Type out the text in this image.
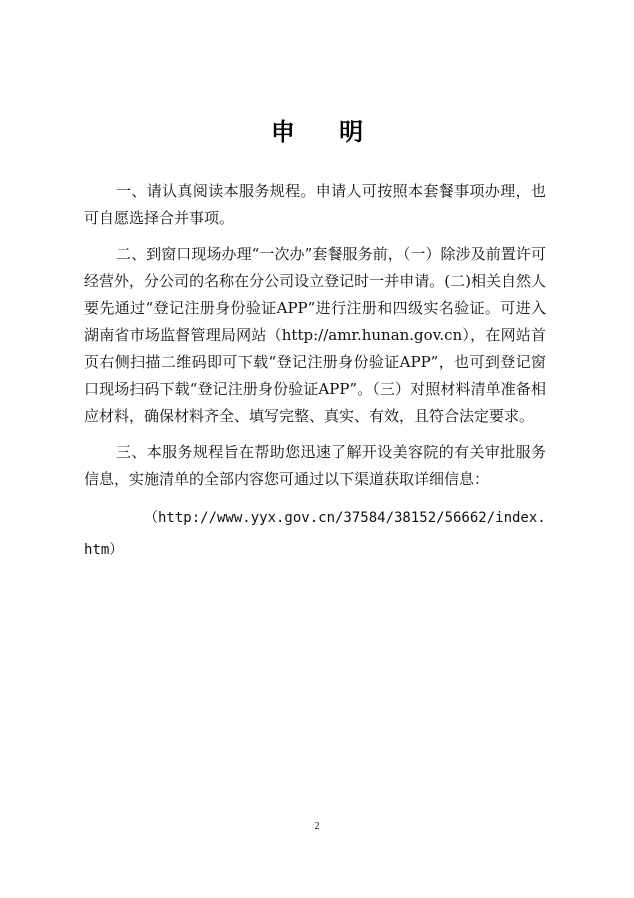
申 明

一、请认真阅读本服务规程。申请人可按照本套餐事项办理，也可自愿选择合并事项。

二、到窗口现场办理“一次办”套餐服务前，（一）除涉及前置许可经营外，分公司的名称在分公司设立登记时一并申请。(二)相关自然人要先通过“登记注册身份验证APP”进行注册和四级实名验证。可进入湖南省市场监督管理局网站（http://amr.hunan.gov.cn），在网站首页右侧扫描二维码即可下载“登记注册身份验证APP”，也可到登记窗口现场扫码下载“登记注册身份验证APP”。（三）对照材料清单准备相应材料，确保材料齐全、填写完整、真实、有效，且符合法定要求。

三、本服务规程旨在帮助您迅速了解开设美容院的有关审批服务信息，实施清单的全部内容您可通过以下渠道获取详细信息：

（http://www.yyx.gov.cn/37584/38152/56662/index.htm）

2
